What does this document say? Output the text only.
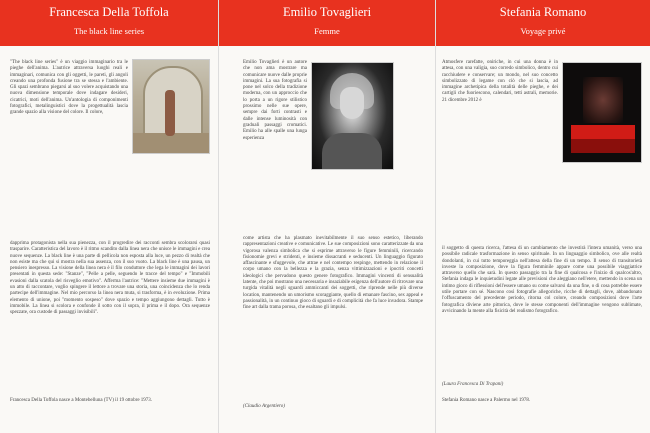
Francesca Della Toffola
The black line series
"The black line series" è un viaggio immaginario tra le pieghe dell'anima. L'autrice attraversa luoghi reali e immaginari, comunica con gli oggetti, le pareti, gli angoli creando una profonda fusione tra se stessa e l'ambiente. Gli spazi sembrano piegarsi al suo volere acquistando una nuova dimensione temporale dove indagare desideri, cicatrici, moti dell'anima. Un'antologia di componimenti fotografici, metalinguistici dove la progettualità lascia grande spazio alla visione del colore. Il colore,
dapprima protagonista nella sua pienezza, con il progredire dei racconti sembra scolorarsi quasi trasparire. Caratteristica del lavoro è il ritmo scandito dalla linea nera che unisce le immagini e crea nuove sequenze. La black line è una parte di pellicola non esposta alla luce, un pezzo di realtà che non esiste ma che qui si mostra nella sua assenza, con il suo vuoto. La black line è una pausa, un pensiero inespresso. La visione della linea nera è il filo conduttore che lega le immagini dei lavori presentati in questa sede: "Stanze", "Pelle a pelle, seguendo le tracce del tempo" e "Immobili evasioni dalla scatola del risveglio emotivo". Afferma l'autrice: "Mettere insieme due immagini è un atto di raccontare, voglio spingere il lettore a trovare una storia, una coincidenza che lo renda partecipe dell'immagine. Nel mio percorso la linea nera muta, si trasforma, è in evoluzione. Prima elemento di unione, poi "momento sospeso" dove spazio e tempo aggiungono dettagli. Tutto è immobile. La linea si scolora e confonde il sotto con il sopra, il prima e il dopo. Ora sequenze spezzate, ora custode di passaggi invisibili".
Francesca Della Toffola nasce a Montebelluna (TV) il 19 ottobre 1973.
Emilio Tovaglieri
Femme
Emilio Tovaglieri è un autore che non ama mostrare ma comunicare nuove dalle proprie immagini. La sua fotografia si pone nel solco della tradizione moderna, con un approccio che lo porta a un rigore stilistico prossimo nelle sue opere, sempre dai forti contrasti e dalle intense luminosità con graduali passaggi cromatici. Emilio ha alle spalle una lunga esperienza
come artista che ha plasmato inevitabilmente il suo senso estetico, liberando rappresentazioni creative e comunicative. Le sue composizioni sono caratterizzate da una vigorosa valenza simbolica che si esprime attraverso le figure femminili, ricercando fisionomie grevi e stridenti, e insieme dissacranti e seducenti. Un linguaggio figurato affascinante e sfuggevole, che attrae e nel contempo respinge, mettendo in relazione il corpo umano con la bellezza e la grazia, senza vittimizzazioni e ipocriti concetti ideologici che pervadono questo genere fotografico. Immagini vincenti di sensualità latente, che poi mostrano una necessaria e insaziabile esigenza dell'autore di ritrovare una turgida vitalità negli sguardi ammiccanti dei soggetti, che riprende nelle più diverse location, mantenendo un umorismo scoraggiante, quello di emanare fascino, sex appeal e passionalità, in un continuo gioco di sguardi e di complicità che fa luce invadora. Stampe fine art dalla trama porosa, che esaltano gli impulsi.
(Claudio Argentiero)
Stefania Romano
Voyage privé
Atmosfere rarefatte, oniriche, in cui una donna è in attesa, con una valigia, suo corredo simbolico, dentro cui racchiudere e conservare; un mondo, nel suo concetto simbolizzato di legame con ciò che si lascia, ad immagine archetipica della totalità delle pieghe, e dei cartigli che fuoriescono, calendari, tetti astrali, memorie. 21 dicembre 2012 è
il soggetto di questa ricerca, l'attesa di un cambiamento che investirà l'intera umanità, verso una possibile radicale trasformazione in senso spirituale. In un linguaggio simbolico, ove alle realtà dondolanti, in cui tutto temporeggia nell'attesa della fine di un tempo. Il senso di transitorietà investe la composizione, dove la figura femminile appare come una possibile viaggiatrice attraverso quello che sarà. In questo passaggio tra la fine di qualcosa e l'inizio di qualcos'altro, Stefania indaga le inquietudini legate alle previsioni che aleggiano nell'etere, mettendo in scena un intimo gioco di riflessioni dell'essere umano su come salvarsi da una fine, o di cosa potrebbe essere utile portare con sé. Nascono così fotografie allegoriche, ricche di dettagli, dove, abbandonato l'offuscamento del precedente periodo, ritorna col colore, creando composizioni dove l'arte fotografica diviene arte pittorica, dove le stesse componenti dell'immagine vengono sublimate, avvicinando la mente alla fisicità del realismo fotografico.
(Laura Francesca Di Trapani)
Stefania Romano nasce a Palermo nel 1978.
